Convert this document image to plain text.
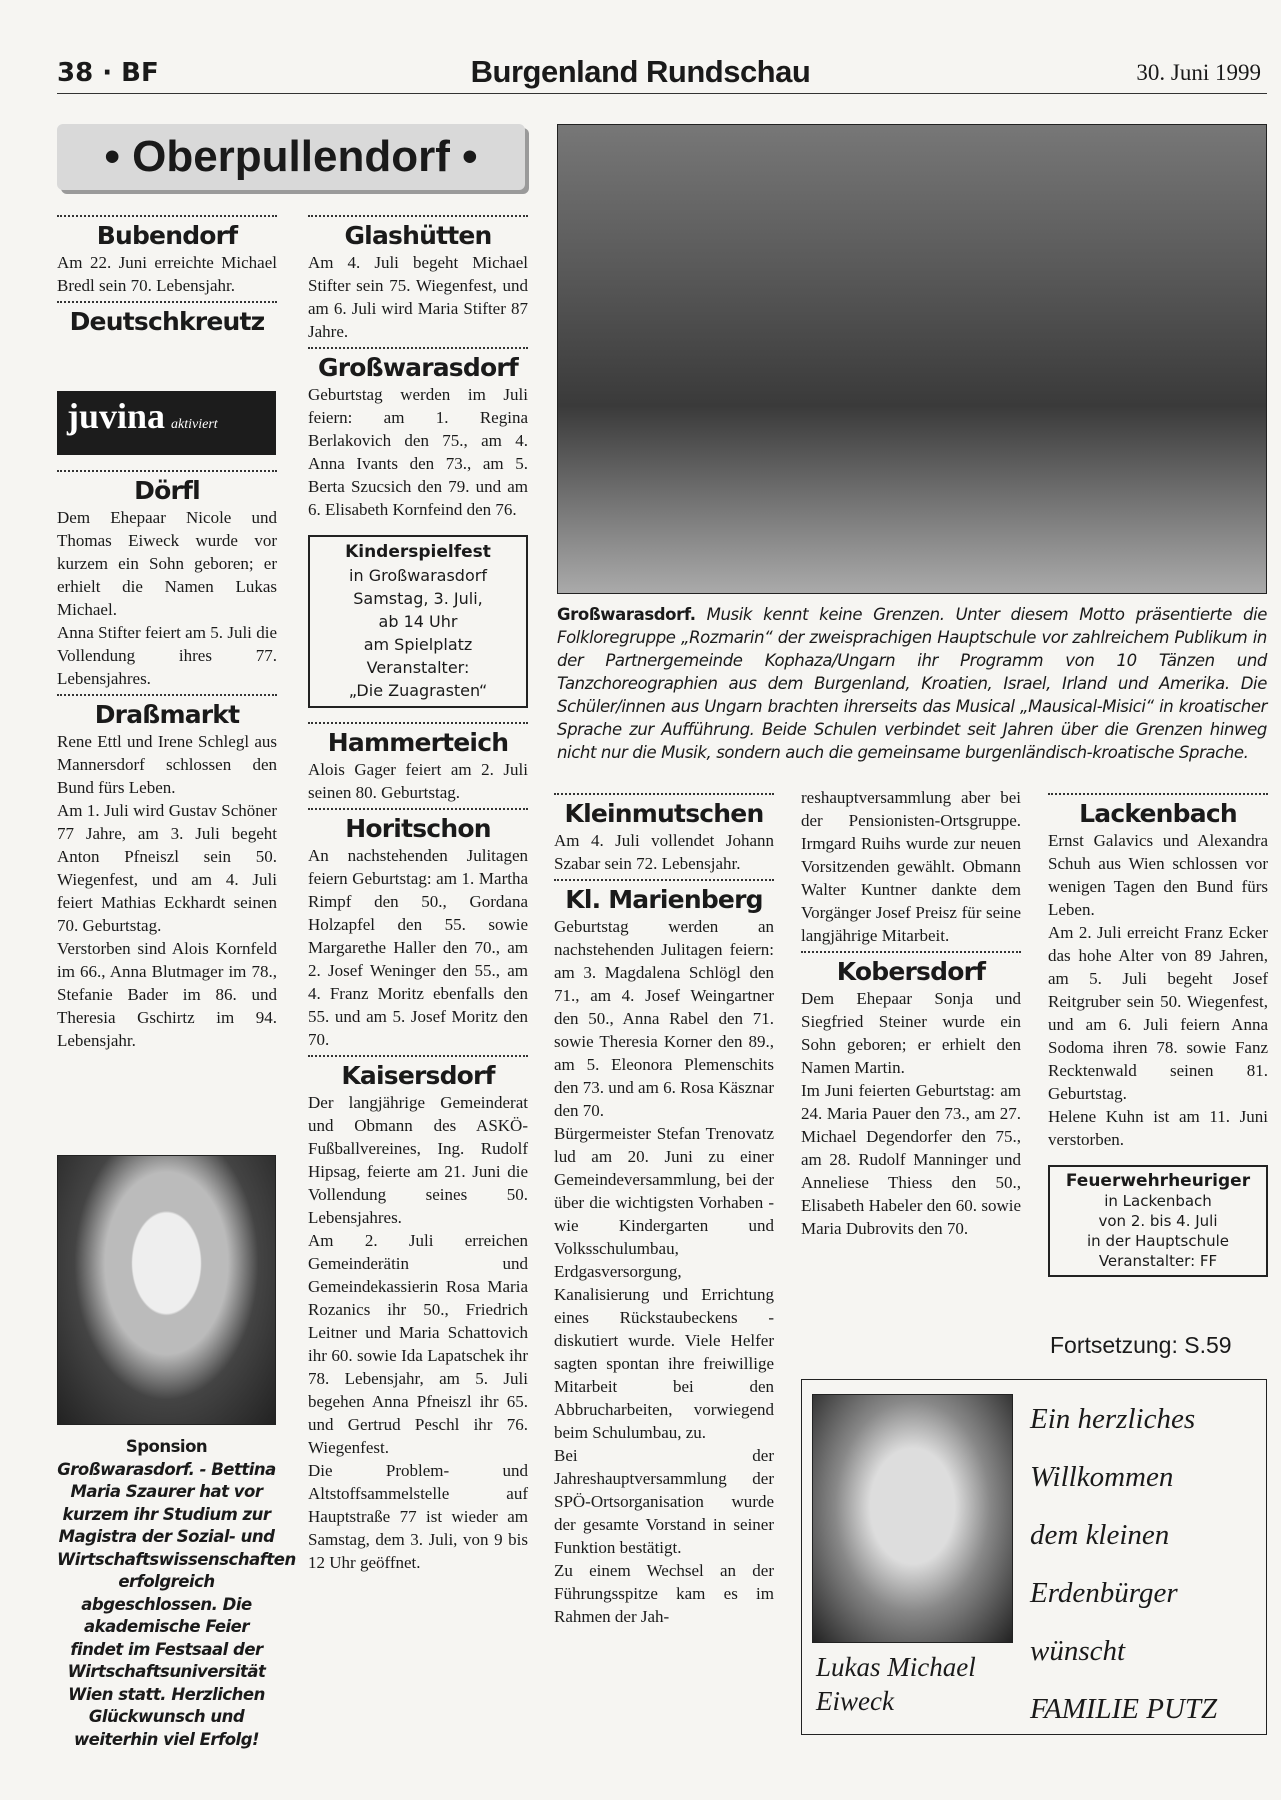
38 · BF	Burgenland Rundschau	30. Juni 1999
• Oberpullendorf •
Bubendorf

Am 22. Juni erreichte Michael Bredl sein 70. Lebensjahr.

Deutschkreutz
juvina aktiviert
Dörfl

Dem Ehepaar Nicole und Thomas Eiweck wurde vor kurzem ein Sohn geboren; er erhielt die Namen Lukas Michael.

Anna Stifter feiert am 5. Juli die Vollendung ihres 77. Lebensjahres.

Draßmarkt

Rene Ettl und Irene Schlegl aus Mannersdorf schlossen den Bund fürs Leben.

Am 1. Juli wird Gustav Schöner 77 Jahre, am 3. Juli begeht Anton Pfneiszl sein 50. Wiegenfest, und am 4. Juli feiert Mathias Eckhardt seinen 70. Geburtstag.

Verstorben sind Alois Kornfeld im 66., Anna Blutmager im 78., Stefanie Bader im 86. und Theresia Gschirtz im 94. Lebensjahr.

Sponsion
Großwarasdorf. - Bettina Maria Szaurer hat vor kurzem ihr Studium zur Magistra der Sozial- und Wirtschaftswissenschaften erfolgreich abgeschlossen. Die akademische Feier findet im Festsaal der Wirtschaftsuniversität Wien statt. Herzlichen Glückwunsch und weiterhin viel Erfolg!
Glashütten

Am 4. Juli begeht Michael Stifter sein 75. Wiegenfest, und am 6. Juli wird Maria Stifter 87 Jahre.

Großwarasdorf

Geburtstag werden im Juli feiern: am 1. Regina Berlakovich den 75., am 4. Anna Ivants den 73., am 5. Berta Szucsich den 79. und am 6. Elisabeth Kornfeind den 76.

Kinderspielfest
in Großwarasdorf
Samstag, 3. Juli,
ab 14 Uhr
am Spielplatz
Veranstalter:
„Die Zuagrasten“
Hammerteich

Alois Gager feiert am 2. Juli seinen 80. Geburtstag.

Horitschon

An nachstehenden Julitagen feiern Geburtstag: am 1. Martha Rimpf den 50., Gordana Holzapfel den 55. sowie Margarethe Haller den 70., am 2. Josef Weninger den 55., am 4. Franz Moritz ebenfalls den 55. und am 5. Josef Moritz den 70.

Kaisersdorf

Der langjährige Gemeinderat und Obmann des ASKÖ-Fußballvereines, Ing. Rudolf Hipsag, feierte am 21. Juni die Vollendung seines 50. Lebensjahres.

Am 2. Juli erreichen Gemeinderätin und Gemeindekassierin Rosa Maria Rozanics ihr 50., Friedrich Leitner und Maria Schattovich ihr 60. sowie Ida Lapatschek ihr 78. Lebensjahr, am 5. Juli begehen Anna Pfneiszl ihr 65. und Gertrud Peschl ihr 76. Wiegenfest.

Die Problem- und Altstoffsammelstelle auf Hauptstraße 77 ist wieder am Samstag, dem 3. Juli, von 9 bis 12 Uhr geöffnet.

Großwarasdorf. Musik kennt keine Grenzen. Unter diesem Motto präsentierte die Folkloregruppe „Rozmarin“ der zweisprachigen Hauptschule vor zahlreichem Publikum in der Partnergemeinde Kophaza/Ungarn ihr Programm von 10 Tänzen und Tanzchoreographien aus dem Burgenland, Kroatien, Israel, Irland und Amerika. Die Schüler/innen aus Ungarn brachten ihrerseits das Musical „Mausical-Misici“ in kroatischer Sprache zur Aufführung. Beide Schulen verbindet seit Jahren über die Grenzen hinweg nicht nur die Musik, sondern auch die gemeinsame burgenländisch-kroatische Sprache.
Kleinmutschen

Am 4. Juli vollendet Johann Szabar sein 72. Lebensjahr.

Kl. Marienberg

Geburtstag werden an nachstehenden Julitagen feiern: am 3. Magdalena Schlögl den 71., am 4. Josef Weingartner den 50., Anna Rabel den 71. sowie Theresia Korner den 89., am 5. Eleonora Plemenschits den 73. und am 6. Rosa Käsznar den 70.

Bürgermeister Stefan Trenovatz lud am 20. Juni zu einer Gemeindeversammlung, bei der über die wichtigsten Vorhaben - wie Kindergarten und Volksschulumbau, Erdgasversorgung, Kanalisierung und Errichtung eines Rückstaubeckens - diskutiert wurde. Viele Helfer sagten spontan ihre freiwillige Mitarbeit bei den Abbrucharbeiten, vorwiegend beim Schulumbau, zu.

Bei der Jahreshauptversammlung der SPÖ-Ortsorganisation wurde der gesamte Vorstand in seiner Funktion bestätigt.

Zu einem Wechsel an der Führungsspitze kam es im Rahmen der Jah-

reshauptversammlung aber bei der Pensionisten-Ortsgruppe. Irmgard Ruihs wurde zur neuen Vorsitzenden gewählt. Obmann Walter Kuntner dankte dem Vorgänger Josef Preisz für seine langjährige Mitarbeit.

Kobersdorf

Dem Ehepaar Sonja und Siegfried Steiner wurde ein Sohn geboren; er erhielt den Namen Martin.

Im Juni feierten Geburtstag: am 24. Maria Pauer den 73., am 27. Michael Degendorfer den 75., am 28. Rudolf Manninger und Anneliese Thiess den 50., Elisabeth Habeler den 60. sowie Maria Dubrovits den 70.

Lackenbach

Ernst Galavics und Alexandra Schuh aus Wien schlossen vor wenigen Tagen den Bund fürs Leben.

Am 2. Juli erreicht Franz Ecker das hohe Alter von 89 Jahren, am 5. Juli begeht Josef Reitgruber sein 50. Wiegenfest, und am 6. Juli feiern Anna Sodoma ihren 78. sowie Fanz Recktenwald seinen 81. Geburtstag.

Helene Kuhn ist am 11. Juni verstorben.

Feuerwehrheuriger
in Lackenbach
von 2. bis 4. Juli
in der Hauptschule
Veranstalter: FF
Fortsetzung: S.59
Lukas Michael
Eiweck
Ein herzliches
Willkommen
dem kleinen
Erdenbürger
wünscht
FAMILIE PUTZ
